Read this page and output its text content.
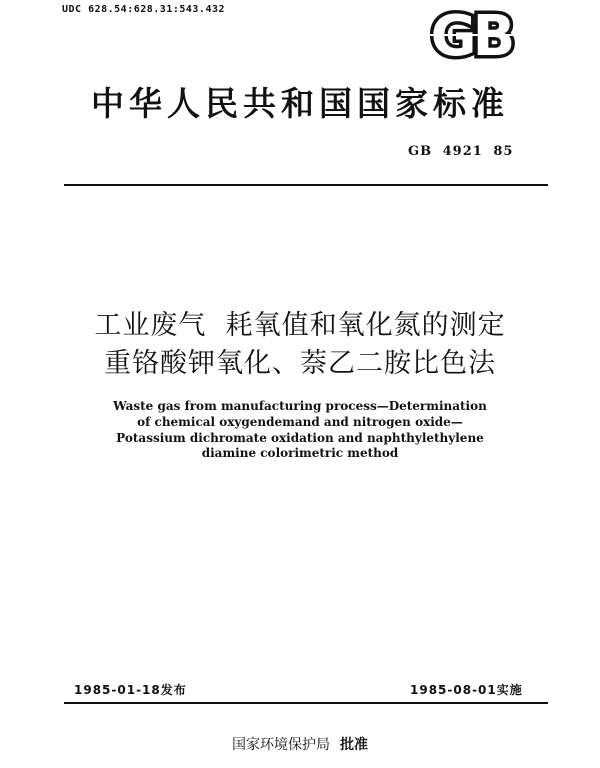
UDC 628.54:628.31:543.432	GB
中华人民共和国国家标准
GB 4921 85
工业废气  耗氧值和氧化氮的测定
重铬酸钾氧化、萘乙二胺比色法
Waste gas from manufacturing process—Determination
of chemical oxygendemand and nitrogen oxide—
Potassium dichromate oxidation and naphthylethylene
diamine colorimetric method
1985-01-18发布	1985-08-01实施
国家环境保护局 批准
